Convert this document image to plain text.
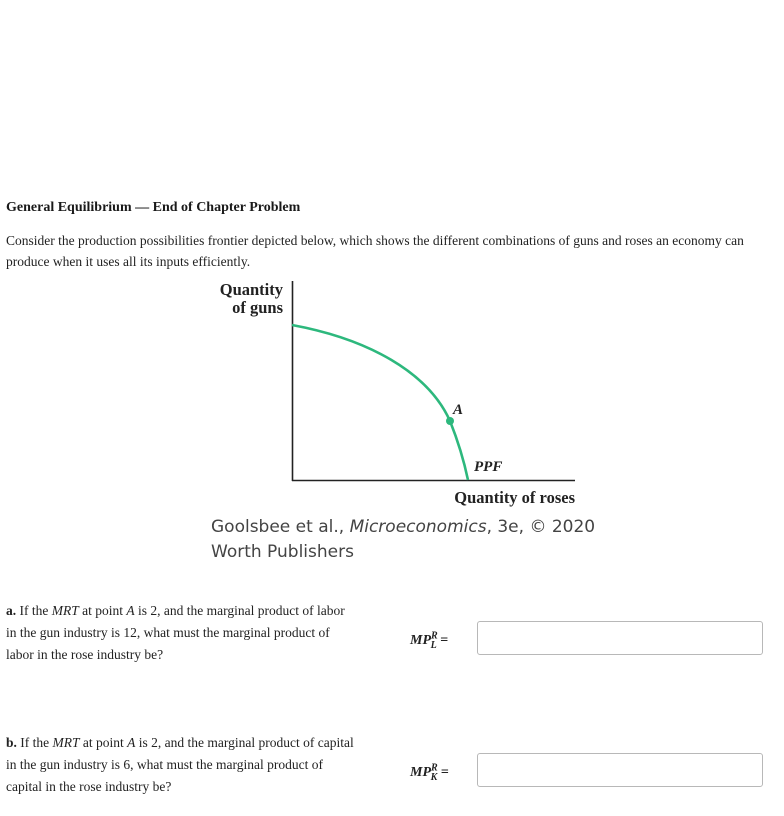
General Equilibrium — End of Chapter Problem
Consider the production possibilities frontier depicted below, which shows the different combinations of guns and roses an economy can produce when it uses all its inputs efficiently.
Quantity
of guns
A
PPF
Quantity of roses
Goolsbee et al., Microeconomics, 3e, © 2020
Worth Publishers
a. If the MRT at point A is 2, and the marginal product of labor in the gun industry is 12, what must the marginal product of labor in the rose industry be?
$MP^R_L$ =
b. If the MRT at point A is 2, and the marginal product of capital in the gun industry is 6, what must the marginal product of capital in the rose industry be?
$MP^R_K$ =
